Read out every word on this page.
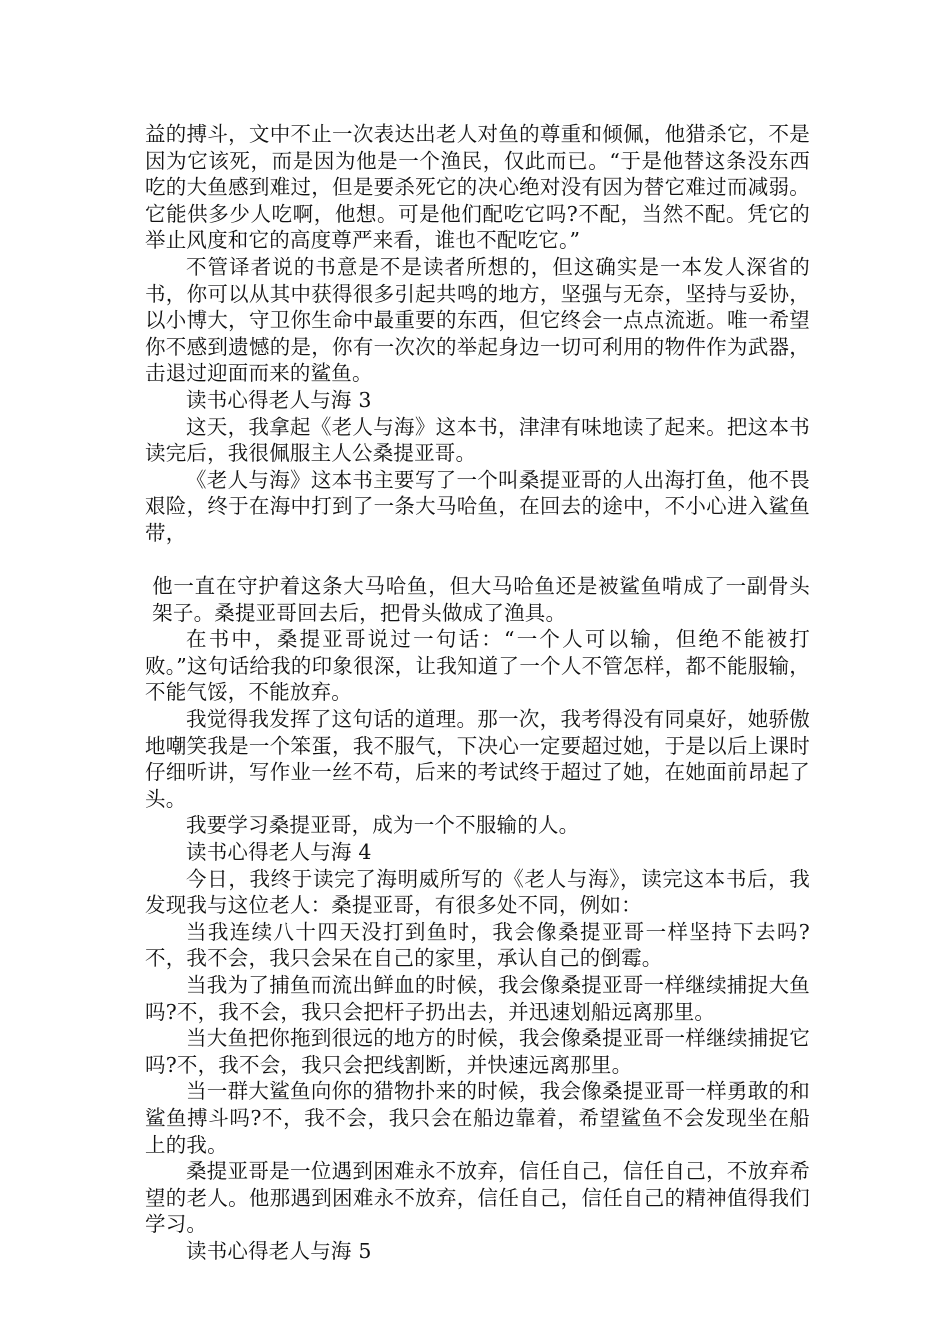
益的搏斗，文中不止一次表达出老人对鱼的尊重和倾佩，他猎杀它，不是因为它该死，而是因为他是一个渔民，仅此而已。“于是他替这条没东西吃的大鱼感到难过，但是要杀死它的决心绝对没有因为替它难过而减弱。它能供多少人吃啊，他想。可是他们配吃它吗?不配，当然不配。凭它的举止风度和它的高度尊严来看，谁也不配吃它。”

不管译者说的书意是不是读者所想的，但这确实是一本发人深省的书，你可以从其中获得很多引起共鸣的地方，坚强与无奈，坚持与妥协，以小博大，守卫你生命中最重要的东西，但它终会一点点流逝。唯一希望你不感到遗憾的是，你有一次次的举起身边一切可利用的物件作为武器，击退过迎面而来的鲨鱼。

读书心得老人与海 3

这天，我拿起《老人与海》这本书，津津有味地读了起来。把这本书读完后，我很佩服主人公桑提亚哥。

《老人与海》这本书主要写了一个叫桑提亚哥的人出海打鱼，他不畏艰险，终于在海中打到了一条大马哈鱼，在回去的途中，不小心进入鲨鱼带，

他一直在守护着这条大马哈鱼，但大马哈鱼还是被鲨鱼啃成了一副骨头架子。桑提亚哥回去后，把骨头做成了渔具。

在书中，桑提亚哥说过一句话：“一个人可以输，但绝不能被打败。”这句话给我的印象很深，让我知道了一个人不管怎样，都不能服输，不能气馁，不能放弃。

我觉得我发挥了这句话的道理。那一次，我考得没有同桌好，她骄傲地嘲笑我是一个笨蛋，我不服气，下决心一定要超过她，于是以后上课时仔细听讲，写作业一丝不苟，后来的考试终于超过了她，在她面前昂起了头。

我要学习桑提亚哥，成为一个不服输的人。

读书心得老人与海 4

今日，我终于读完了海明威所写的《老人与海》，读完这本书后，我发现我与这位老人：桑提亚哥，有很多处不同，例如：

当我连续八十四天没打到鱼时，我会像桑提亚哥一样坚持下去吗?不，我不会，我只会呆在自己的家里，承认自己的倒霉。

当我为了捕鱼而流出鲜血的时候，我会像桑提亚哥一样继续捕捉大鱼吗?不，我不会，我只会把杆子扔出去，并迅速划船远离那里。

当大鱼把你拖到很远的地方的时候，我会像桑提亚哥一样继续捕捉它吗?不，我不会，我只会把线割断，并快速远离那里。

当一群大鲨鱼向你的猎物扑来的时候，我会像桑提亚哥一样勇敢的和鲨鱼搏斗吗?不，我不会，我只会在船边靠着，希望鲨鱼不会发现坐在船上的我。

桑提亚哥是一位遇到困难永不放弃，信任自己，信任自己，不放弃希望的老人。他那遇到困难永不放弃，信任自己，信任自己的精神值得我们学习。

读书心得老人与海 5
